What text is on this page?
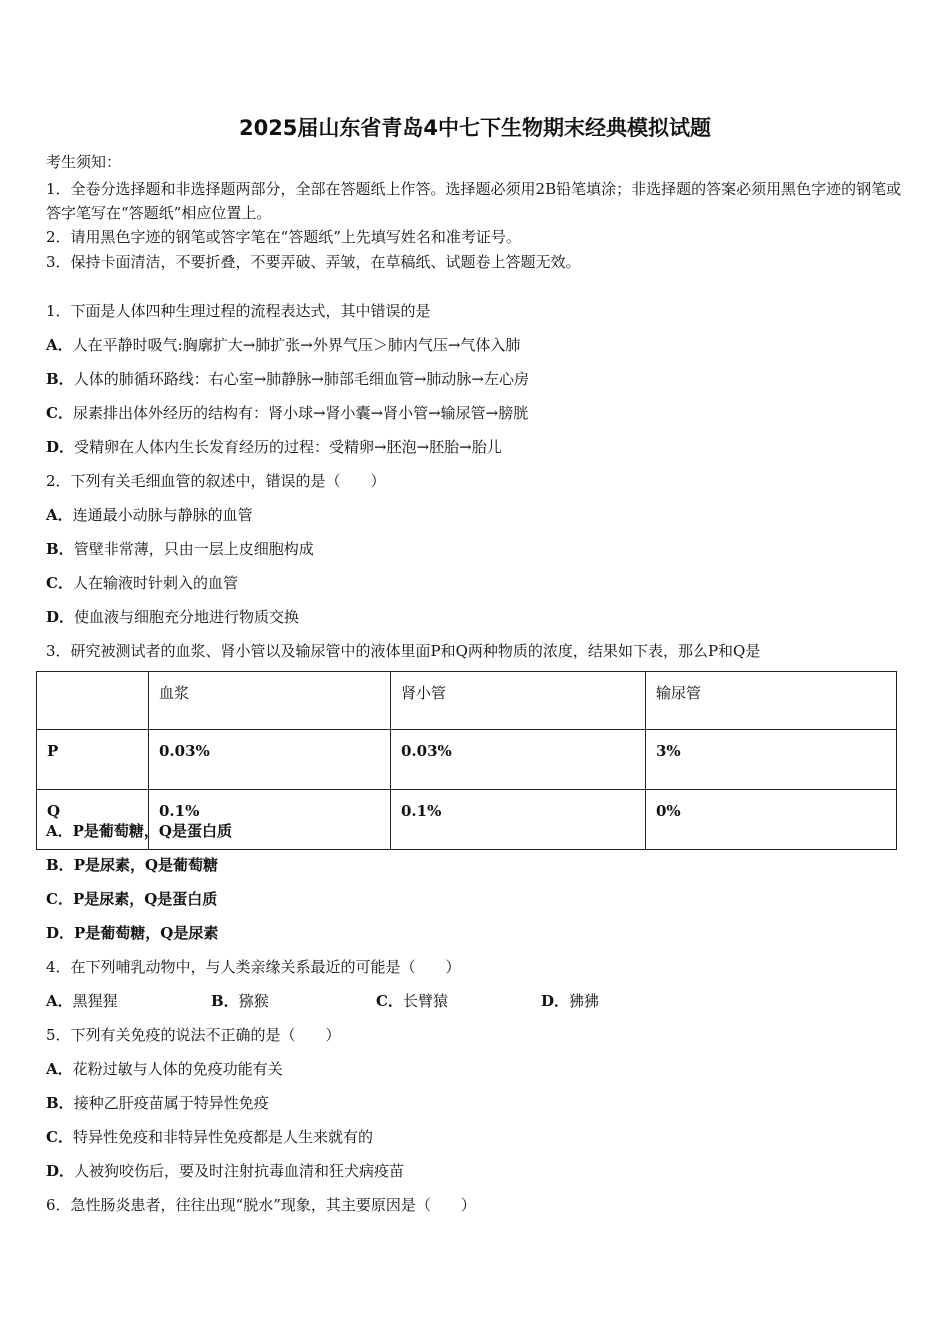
2025届山东省青岛4中七下生物期末经典模拟试题
考生须知：
1．全卷分选择题和非选择题两部分，全部在答题纸上作答。选择题必须用2B铅笔填涂；非选择题的答案必须用黑色字迹的钢笔或答字笔写在“答题纸”相应位置上。
2．请用黑色字迹的钢笔或答字笔在“答题纸”上先填写姓名和准考证号。
3．保持卡面清洁，不要折叠，不要弄破、弄皱，在草稿纸、试题卷上答题无效。
1．下面是人体四种生理过程的流程表达式，其中错误的是
A．人在平静时吸气:胸廓扩大→肺扩张→外界气压＞肺内气压→气体入肺
B．人体的肺循环路线：右心室→肺静脉→肺部毛细血管→肺动脉→左心房
C．尿素排出体外经历的结构有：肾小球→肾小囊→肾小管→输尿管→膀胱
D．受精卵在人体内生长发育经历的过程：受精卵→胚泡→胚胎→胎儿
2．下列有关毛细血管的叙述中，错误的是（　　）
A．连通最小动脉与静脉的血管
B．管壁非常薄，只由一层上皮细胞构成
C．人在输液时针刺入的血管
D．使血液与细胞充分地进行物质交换
3．研究被测试者的血浆、肾小管以及输尿管中的液体里面P和Q两种物质的浓度，结果如下表，那么P和Q是
	血浆	肾小管	输尿管
P	0.03%	0.03%	3%
Q	0.1%	0.1%	0%
A．P是葡萄糖，Q是蛋白质
B．P是尿素，Q是葡萄糖
C．P是尿素，Q是蛋白质
D．P是葡萄糖，Q是尿素
4．在下列哺乳动物中，与人类亲缘关系最近的可能是（　　）
A．黑猩猩	B．猕猴	C．长臂猿	D．狒狒
5．下列有关免疫的说法不正确的是（　　）
A．花粉过敏与人体的免疫功能有关
B．接种乙肝疫苗属于特异性免疫
C．特异性免疫和非特异性免疫都是人生来就有的
D．人被狗咬伤后，要及时注射抗毒血清和狂犬病疫苗
6．急性肠炎患者，往往出现“脱水”现象，其主要原因是（　　）
